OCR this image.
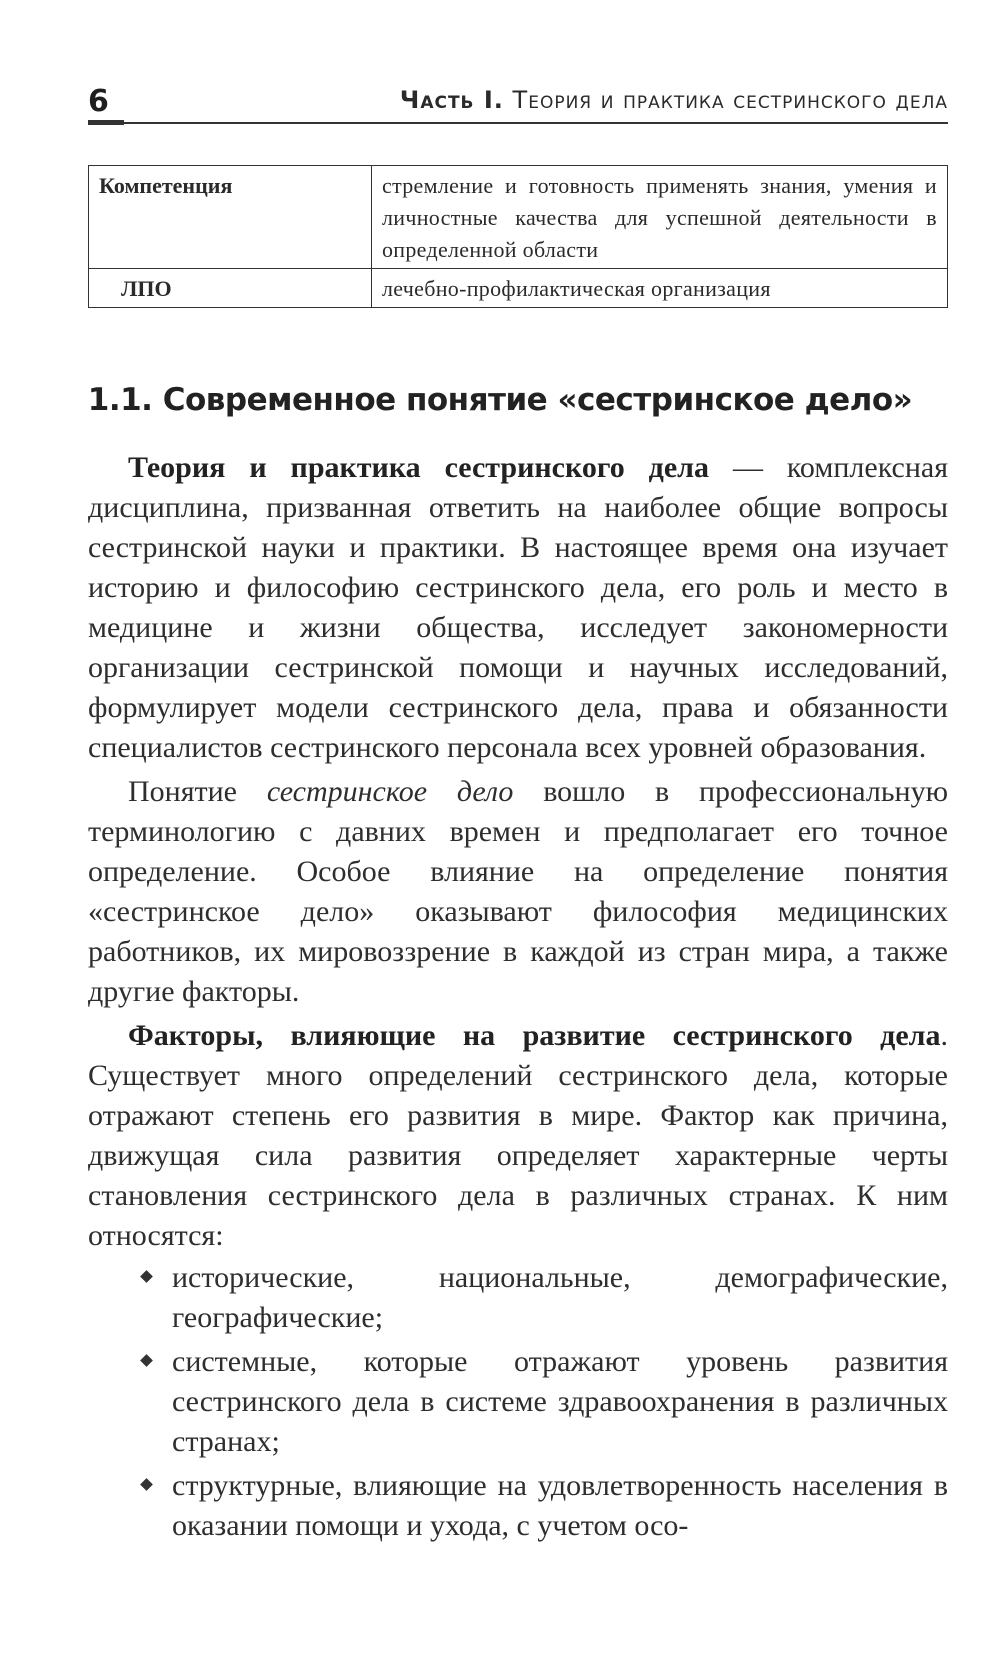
6	Часть I. Теория и практика сестринского дела
Компетенция	стремление и готовность применять знания, умения и личностные качества для успешной деятельности в определенной области
ЛПО	лечебно-профилактическая организация
1.1. Современное понятие «сестринское дело»

Теория и практика сестринского дела — комплексная дисциплина, призванная ответить на наиболее общие вопросы сестринской науки и практики. В настоящее время она изучает историю и философию сестринского дела, его роль и место в медицине и жизни общества, исследует закономерности организации сестринской помощи и научных исследований, формулирует модели сестринского дела, права и обязанности специалистов сестринского персонала всех уровней образования.

Понятие сестринское дело вошло в профессиональную терминологию с давних времен и предполагает его точное определение. Особое влияние на определение понятия «сестринское дело» оказывают философия медицинских работников, их мировоззрение в каждой из стран мира, а также другие факторы.

Факторы, влияющие на развитие сестринского дела. Существует много определений сестринского дела, которые отражают степень его развития в мире. Фактор как причина, движущая сила развития определяет характерные черты становления сестринского дела в различных странах. К ним относятся:

исторические, национальные, демографические, географические;
системные, которые отражают уровень развития сестринского дела в системе здравоохранения в различных странах;
структурные, влияющие на удовлетворенность населения в оказании помощи и ухода, с учетом осо-
